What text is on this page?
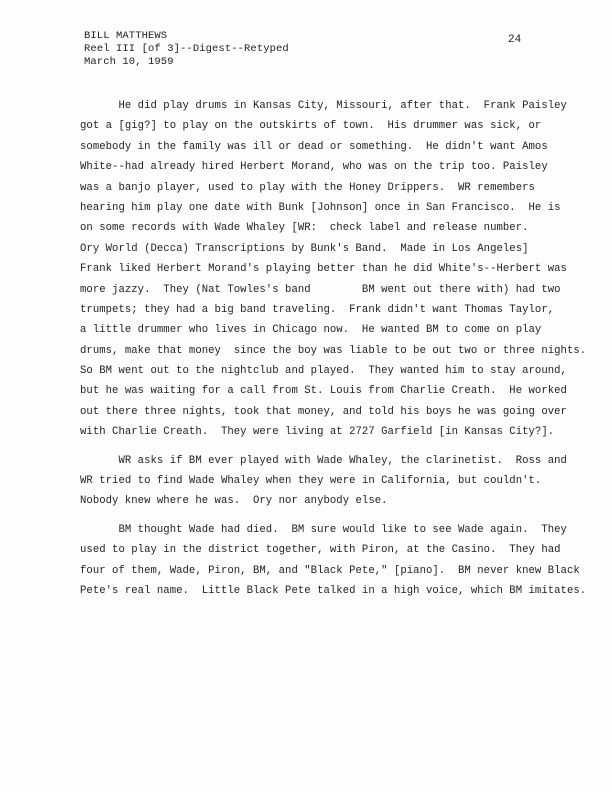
BILL MATTHEWS
Reel III [of 3]--Digest--Retyped
March 10, 1959
24
He did play drums in Kansas City, Missouri, after that.  Frank Paisley
got a [gig?] to play on the outskirts of town.  His drummer was sick, or
somebody in the family was ill or dead or something.  He didn't want Amos
White--had already hired Herbert Morand, who was on the trip too. Paisley
was a banjo player, used to play with the Honey Drippers.  WR remembers
hearing him play one date with Bunk [Johnson] once in San Francisco.  He is
on some records with Wade Whaley [WR:  check label and release number.
Ory World (Decca) Transcriptions by Bunk's Band.  Made in Los Angeles]
Frank liked Herbert Morand's playing better than he did White's--Herbert was
more jazzy.  They (Nat Towles's band        BM went out there with) had two
trumpets; they had a big band traveling.  Frank didn't want Thomas Taylor,
a little drummer who lives in Chicago now.  He wanted BM to come on play
drums, make that money  since the boy was liable to be out two or three nights.
So BM went out to the nightclub and played.  They wanted him to stay around,
but he was waiting for a call from St. Louis from Charlie Creath.  He worked
out there three nights, took that money, and told his boys he was going over
with Charlie Creath.  They were living at 2727 Garfield [in Kansas City?].
WR asks if BM ever played with Wade Whaley, the clarinetist.  Ross and
WR tried to find Wade Whaley when they were in California, but couldn't.
Nobody knew where he was.  Ory nor anybody else.
BM thought Wade had died.  BM sure would like to see Wade again.  They
used to play in the district together, with Piron, at the Casino.  They had
four of them, Wade, Piron, BM, and "Black Pete," [piano].  BM never knew Black
Pete's real name.  Little Black Pete talked in a high voice, which BM imitates.
